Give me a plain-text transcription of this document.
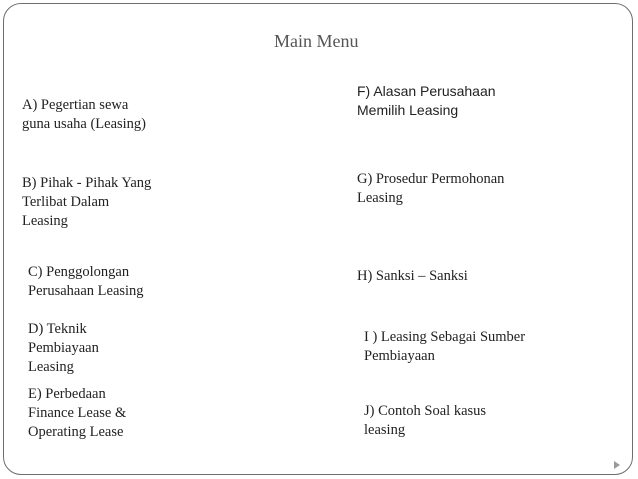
Main Menu
A) Pegertian sewa
guna usaha (Leasing)
B) Pihak - Pihak Yang
Terlibat Dalam
Leasing
C) Penggolongan
Perusahaan Leasing
D) Teknik
Pembiayaan
Leasing
E) Perbedaan
Finance Lease &
Operating Lease
F) Alasan Perusahaan
Memilih Leasing
G) Prosedur Permohonan
Leasing
H) Sanksi – Sanksi
I ) Leasing Sebagai Sumber
Pembiayaan
J) Contoh Soal kasus
leasing
